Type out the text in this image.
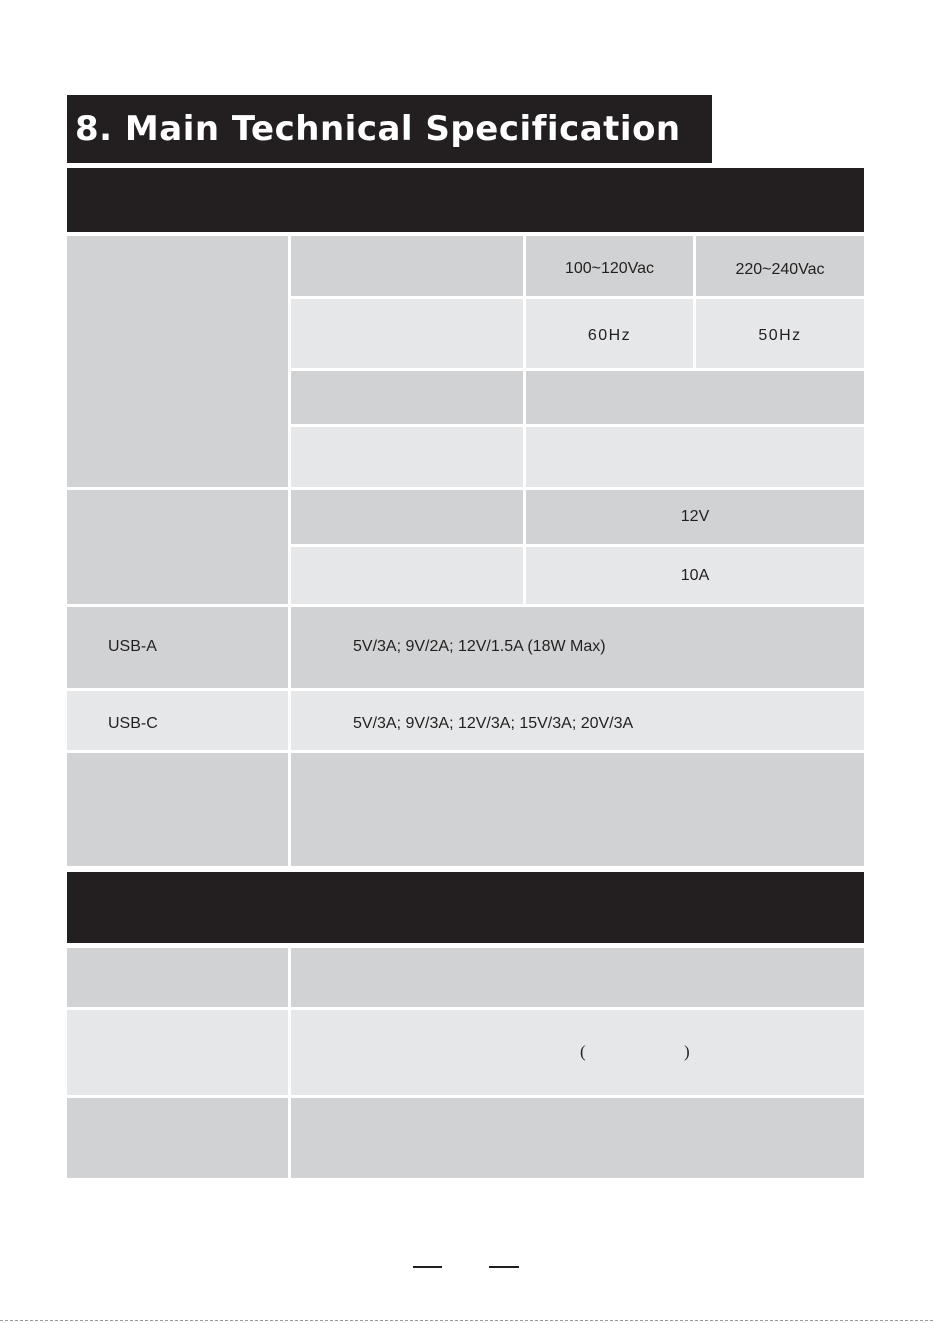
8. Main Technical Specification
100~120Vac	220~240Vac
60Hz	50Hz
12V
10A
USB-A	5V/3A; 9V/2A; 12V/1.5A (18W Max)
USB-C	5V/3A; 9V/3A; 12V/3A; 15V/3A; 20V/3A
(	)
